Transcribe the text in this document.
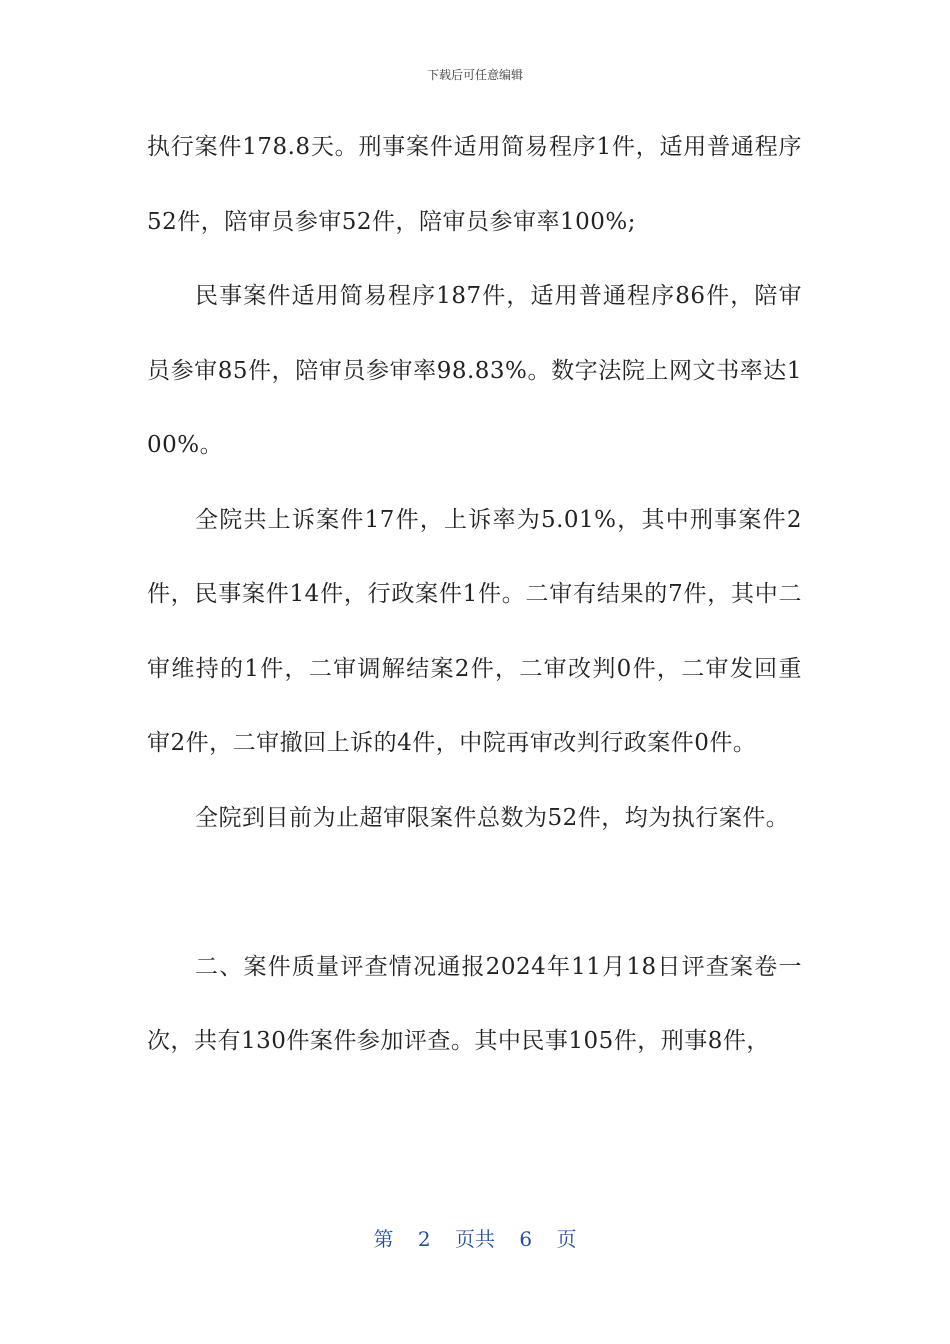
下载后可任意编辑

执行案件178.8天。刑事案件适用简易程序1件，适用普通程序52件，陪审员参审52件，陪审员参审率100%;

民事案件适用简易程序187件，适用普通程序86件，陪审员参审85件，陪审员参审率98.83%。数字法院上网文书率达100%。

全院共上诉案件17件，上诉率为5.01%，其中刑事案件2件，民事案件14件，行政案件1件。二审有结果的7件，其中二审维持的1件，二审调解结案2件，二审改判0件，二审发回重审2件，二审撤回上诉的4件，中院再审改判行政案件0件。

全院到目前为止超审限案件总数为52件，均为执行案件。

二、案件质量评查情况通报2024年11月18日评查案卷一次，共有130件案件参加评查。其中民事105件，刑事8件，

第 2 页共 6 页
